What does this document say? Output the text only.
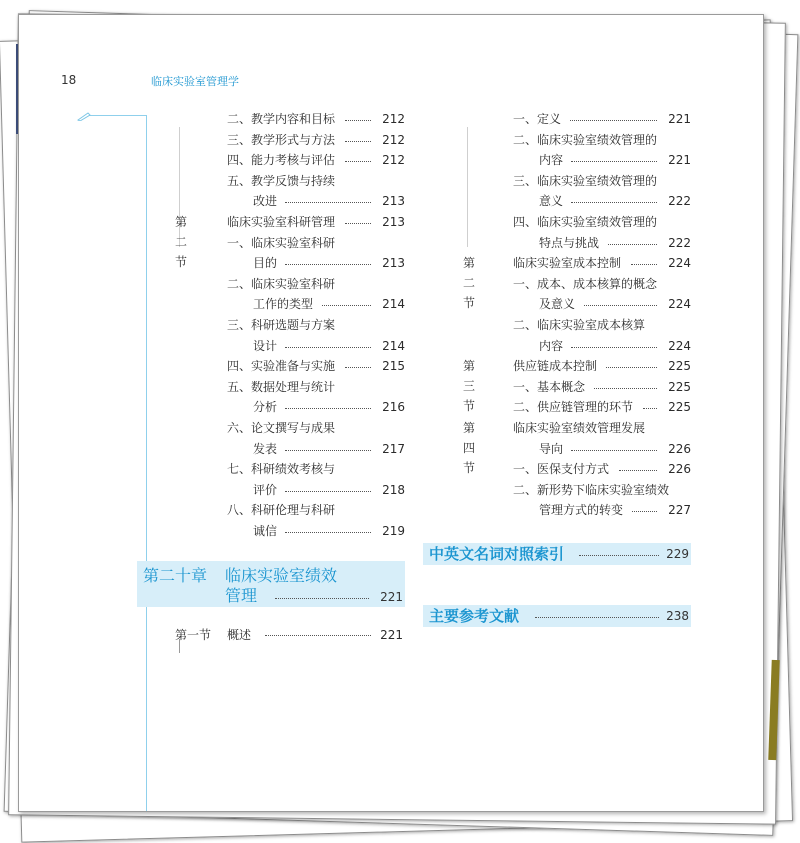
18	临床实验室管理学
二、教学内容和目标	212
三、教学形式与方法	212
四、能力考核与评估	212
五、教学反馈与持续
改进	213
第二节
临床实验室科研管理	213
一、临床实验室科研
目的	213
二、临床实验室科研
工作的类型	214
三、科研选题与方案
设计	214
四、实验准备与实施	215
五、数据处理与统计
分析	216
六、论文撰写与成果
发表	217
七、科研绩效考核与
评价	218
八、科研伦理与科研
诚信	219
第二十章 临床实验室绩效
管理	221
第一节 概述	221
一、定义	221
二、临床实验室绩效管理的
内容	221
三、临床实验室绩效管理的
意义	222
四、临床实验室绩效管理的
特点与挑战	222
第二节
临床实验室成本控制	224
一、成本、成本核算的概念
及意义	224
二、临床实验室成本核算
内容	224
第三节
供应链成本控制	225
一、基本概念	225
二、供应链管理的环节	225
第四节
临床实验室绩效管理发展
导向	226
一、医保支付方式	226
二、新形势下临床实验室绩效
管理方式的转变	227
中英文名词对照索引	229
主要参考文献	238
